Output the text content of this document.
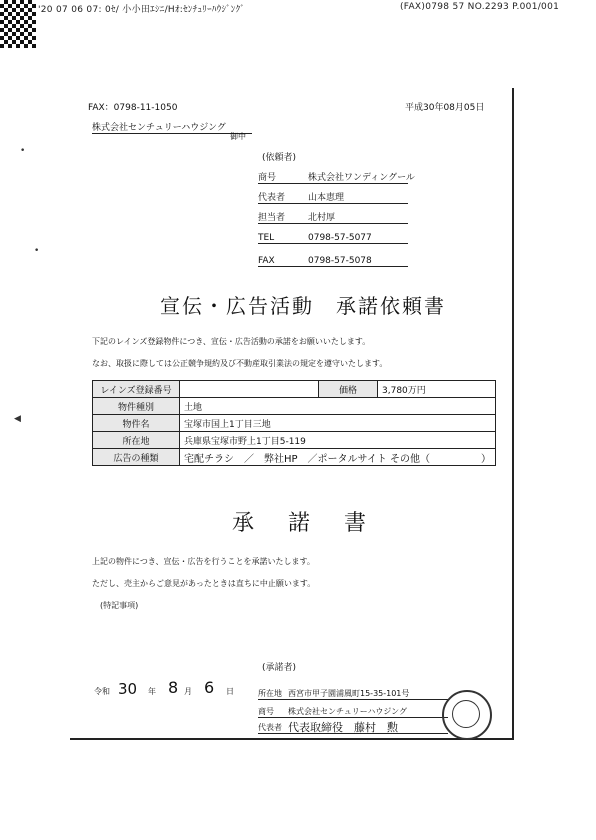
'20 07 06 07: 0ｾ/ 小小田ｴｼﾆ/Hｵ:ｾﾝﾁｭﾘｰﾊｳｼﾞﾝｸﾞ	(FAX)0798 57 NO.2293 P.001/001
•
•
◀
FAX：0798-11-1050	平成30年08月05日
株式会社センチュリーハウジング
御中
(依頼者)
商号	株式会社ワンディングール
代表者	山本恵理
担当者	北村厚
TEL	0798-57-5077
FAX	0798-57-5078
宣伝・広告活動　承諾依頼書
下記のレインズ登録物件につき、宣伝・広告活動の承諾をお願いいたします。
なお、取扱に際しては公正競争規約及び不動産取引業法の規定を遵守いたします。
レインズ登録番号		価格	3,780万円
物件種別	土地		
物件名	宝塚市国上1丁目三地		
所在地	兵庫県宝塚市野上1丁目5-119		
広告の種類	宅配チラシ　／　弊社HP　／ポータルサイト その他（ ）		
承　諾　書
上記の物件につき、宣伝・広告を行うことを承諾いたします。
ただし、売主からご意見があったときは直ちに中止願います。
(特記事項)
(承諾者)
令和 30 年 8 月 6 日	所在地 西宮市甲子園浦風町15-35-101号
商号 株式会社センチュリーハウジング
代表者 代表取締役　藤村　勲
